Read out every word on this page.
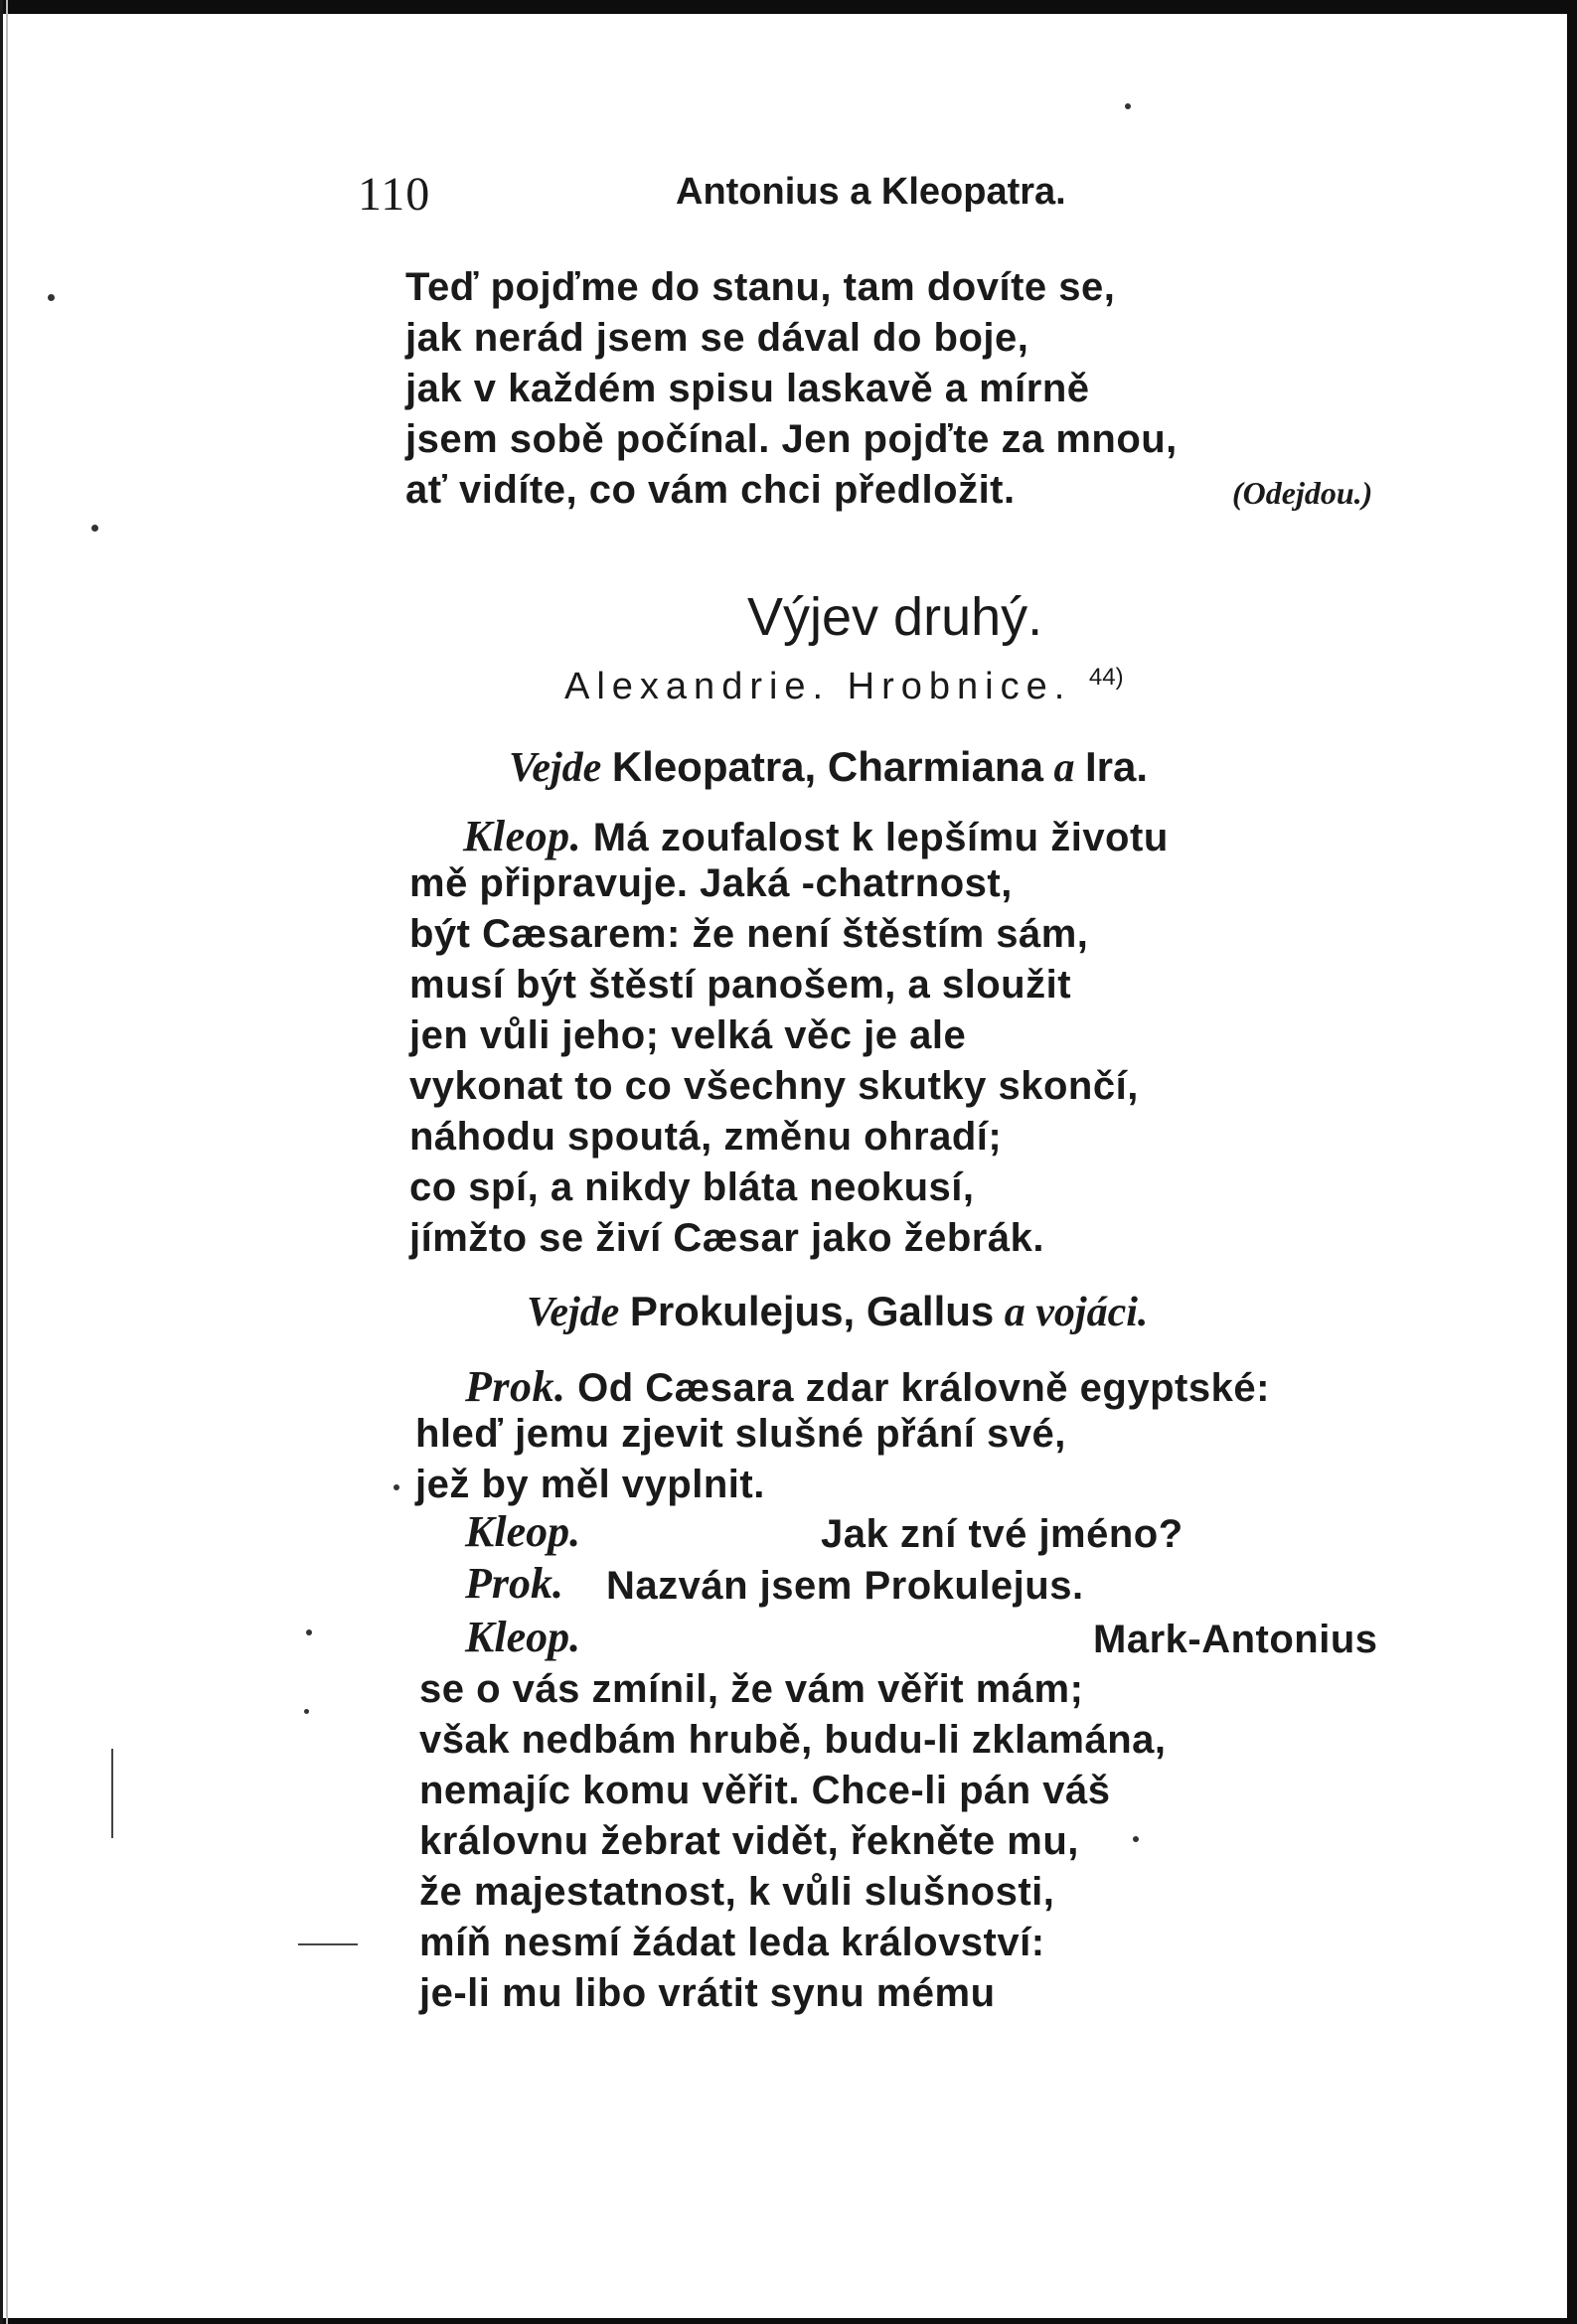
110	Antonius a Kleopatra.
Teď pojďme do stanu, tam dovíte se,
jak nerád jsem se dával do boje,
jak v každém spisu laskavě a mírně
jsem sobě počínal. Jen pojďte za mnou,
ať vidíte, co vám chci předložit.	(Odejdou.)
Výjev druhý.
Alexandrie. Hrobnice. $^{44)}$
Vejde Kleopatra, Charmiana a Ira.
Kleop. Má zoufalost k lepšímu životu
mě připravuje. Jaká -chatrnost,
být Cæsarem: že není štěstím sám,
musí být štěstí panošem, a sloužit
jen vůli jeho; velká věc je ale
vykonat to co všechny skutky skončí,
náhodu spoutá, změnu ohradí;
co spí, a nikdy bláta neokusí,
jímžto se živí Cæsar jako žebrák.
Vejde Prokulejus, Gallus a vojáci.
Prok. Od Cæsara zdar královně egyptské:
hleď jemu zjevit slušné přání své,
jež by měl vyplnit.
Kleop.	Jak zní tvé jméno?
Prok. Nazván jsem Prokulejus.
Kleop.	Mark-Antonius
se o vás zmínil, že vám věřit mám;
však nedbám hrubě, budu-li zklamána,
nemajíc komu věřit. Chce-li pán váš
královnu žebrat vidět, řekněte mu,
že majestatnost, k vůli slušnosti,
míň nesmí žádat leda království:
je-li mu libo vrátit synu mému
